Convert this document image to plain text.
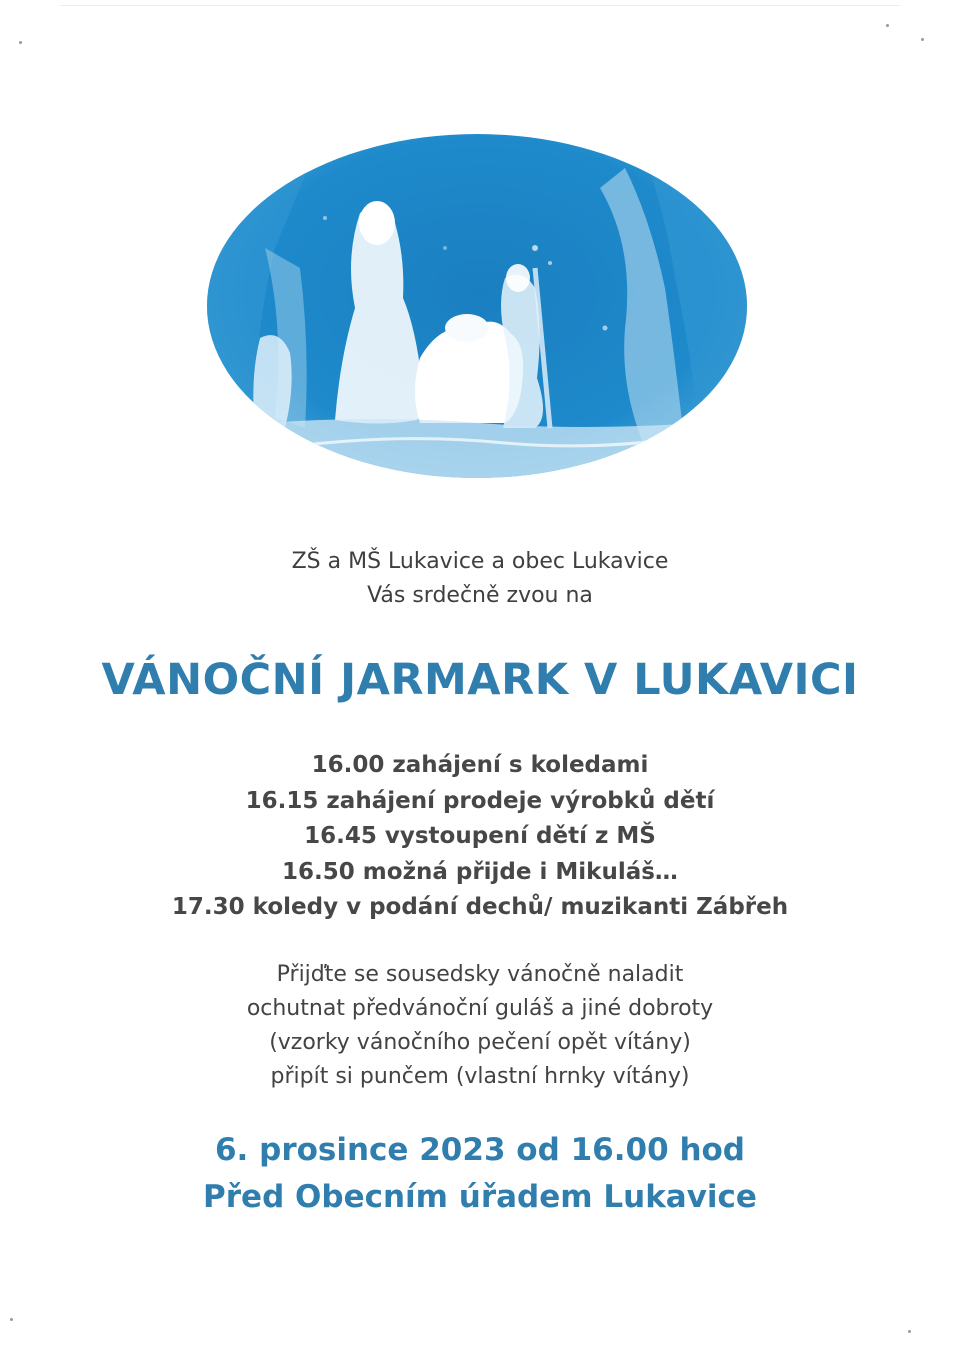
ZŠ a MŠ Lukavice a obec Lukavice
Vás srdečně zvou na
VÁNOČNÍ JARMARK V LUKAVICI
16.00 zahájení s koledami
16.15 zahájení prodeje výrobků dětí
16.45 vystoupení dětí z MŠ
16.50 možná přijde i Mikuláš…
17.30 koledy v podání dechů/ muzikanti Zábřeh
Přijďte se sousedsky vánočně naladit
ochutnat předvánoční guláš a jiné dobroty
(vzorky vánočního pečení opět vítány)
připít si punčem (vlastní hrnky vítány)
6. prosince 2023 od 16.00 hod
Před Obecním úřadem Lukavice
